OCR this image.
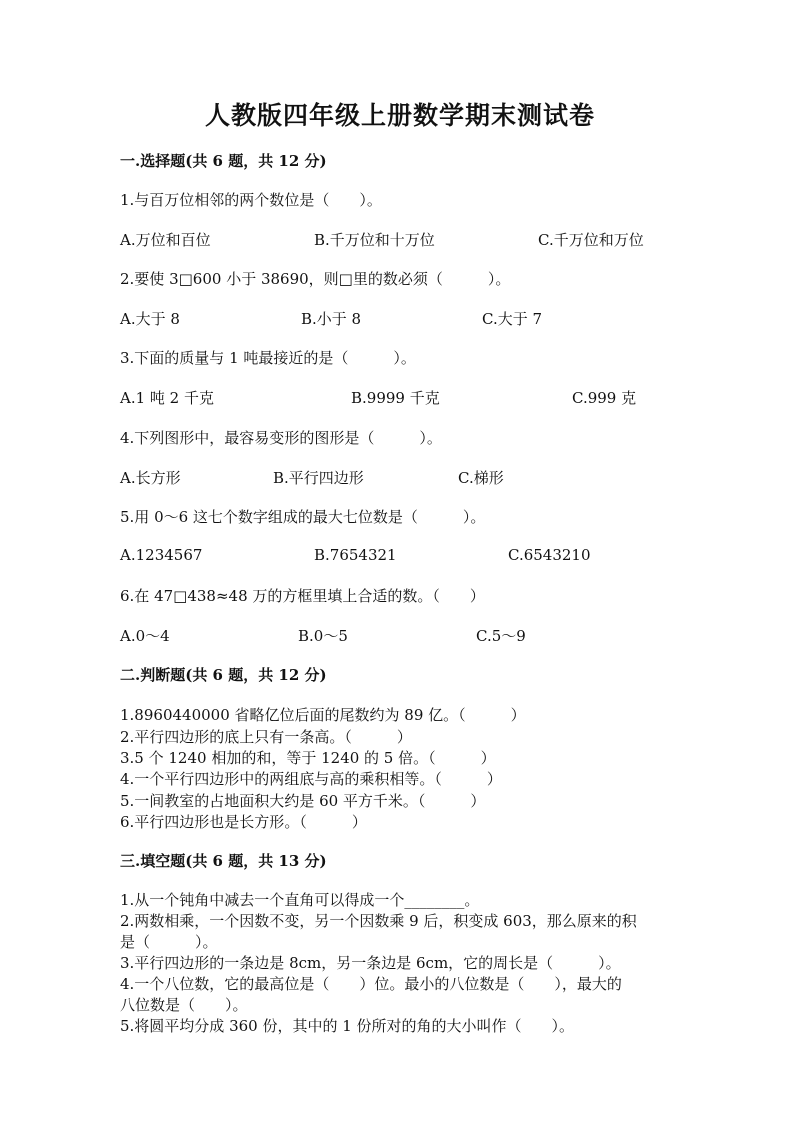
人教版四年级上册数学期末测试卷
一.选择题(共 6 题，共 12 分)
1.与百万位相邻的两个数位是（　　）。
A.万位和百位	B.千万位和十万位	C.千万位和万位
2.要使 3□600 小于 38690，则□里的数必须（　　　）。
A.大于 8	B.小于 8	C.大于 7
3.下面的质量与 1 吨最接近的是（　　　）。
A.1 吨 2 千克	B.9999 千克	C.999 克
4.下列图形中，最容易变形的图形是（　　　）。
A.长方形	B.平行四边形	C.梯形
5.用 0～6 这七个数字组成的最大七位数是（　　　）。
A.1234567	B.7654321	C.6543210
6.在 47□438≈48 万的方框里填上合适的数。（　　）
A.0～4	B.0～5	C.5～9
二.判断题(共 6 题，共 12 分)
1.8960440000 省略亿位后面的尾数约为 89 亿。（　　　）
2.平行四边形的底上只有一条高。（　　　）
3.5 个 1240 相加的和，等于 1240 的 5 倍。（　　　）
4.一个平行四边形中的两组底与高的乘积相等。（　　　）
5.一间教室的占地面积大约是 60 平方千米。（　　　）
6.平行四边形也是长方形。（　　　）
三.填空题(共 6 题，共 13 分)
1.从一个钝角中减去一个直角可以得成一个________。
2.两数相乘，一个因数不变，另一个因数乘 9 后，积变成 603，那么原来的积
是（　　　）。
3.平行四边形的一条边是 8cm，另一条边是 6cm，它的周长是（　　　）。
4.一个八位数，它的最高位是（　　）位。最小的八位数是（　　），最大的
八位数是（　　）。
5.将圆平均分成 360 份，其中的 1 份所对的角的大小叫作（　　）。
